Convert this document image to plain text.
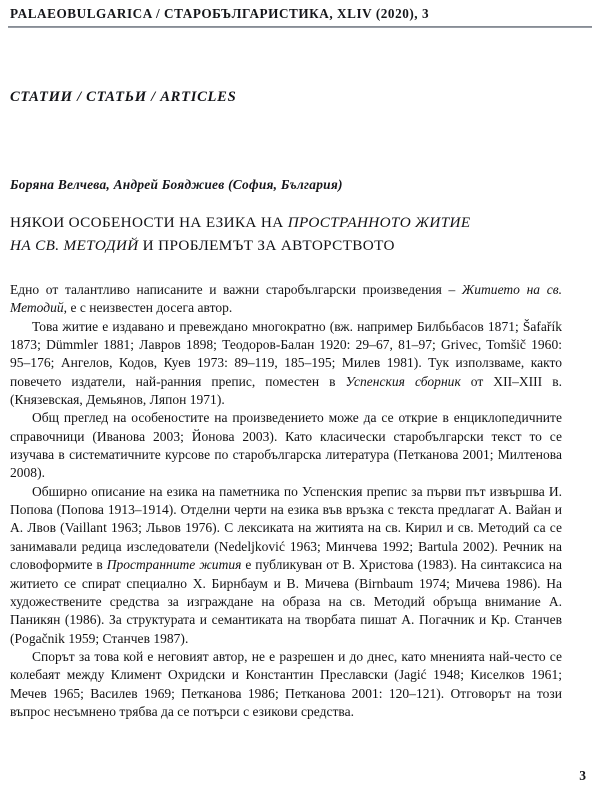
PALAEOBULGARICA / СТАРОБЪЛГАРИСТИКА, XLIV (2020), 3
СТАТИИ / СТАТЬИ / ARTICLES
Боряна Велчева, Андрей Бояджиев (София, България)
НЯКОИ ОСОБЕНОСТИ НА ЕЗИКА НА ПРОСТРАННОТО ЖИТИЕ
НА СВ. МЕТОДИЙ И ПРОБЛЕМЪТ ЗА АВТОРСТВОТО

Едно от талантливо написаните и важни старобългарски произведения – Житието на св. Методий, е с неизвестен досега автор.

Това житие е издавано и превеждано многократно (вж. например Билбьбасов 1871; Šafařík 1873; Dümmler 1881; Лавров 1898; Теодоров-Балан 1920: 29–67, 81–97; Grivec, Tomšič 1960: 95–176; Ангелов, Кодов, Куев 1973: 89–119, 185–195; Милев 1981). Тук използваме, както повечето издатели, най-ранния препис, поместен в Успенския сборник от XII–XIII в. (Князевская, Демьянов, Ляпон 1971).

Общ преглед на особеностите на произведението може да се открие в енциклопедичните справочници (Иванова 2003; Йонова 2003). Като класически старобългарски текст то се изучава в систематичните курсове по старобългарска литература (Петканова 2001; Милтенова 2008).

Обширно описание на езика на паметника по Успенския препис за първи път извършва И. Попова (Попова 1913–1914). Отделни черти на езика във връзка с текста предлагат А. Вайан и А. Лвов (Vaillant 1963; Львов 1976). С лексиката на житията на св. Кирил и св. Методий са се занимавали редица изследователи (Nedeljković 1963; Минчева 1992; Bartula 2002). Речник на словоформите в Пространните жития е публикуван от В. Христова (1983). На синтаксиса на житието се спират специално Х. Бирнбаум и В. Мичева (Birnbaum 1974; Мичева 1986). На художествените средства за изграждане на образа на св. Методий обръща внимание А. Паникян (1986). За структурата и семантиката на творбата пишат А. Погачник и Кр. Станчев (Pogačnik 1959; Станчев 1987).

Спорът за това кой е неговият автор, не е разрешен и до днес, като мненията най-често се колебаят между Климент Охридски и Константин Преславски (Jagić 1948; Киселков 1961; Мечев 1965; Василев 1969; Петканова 1986; Петканова 2001: 120–121). Отговорът на този въпрос несъмнено трябва да се потърси с езикови средства.

3
